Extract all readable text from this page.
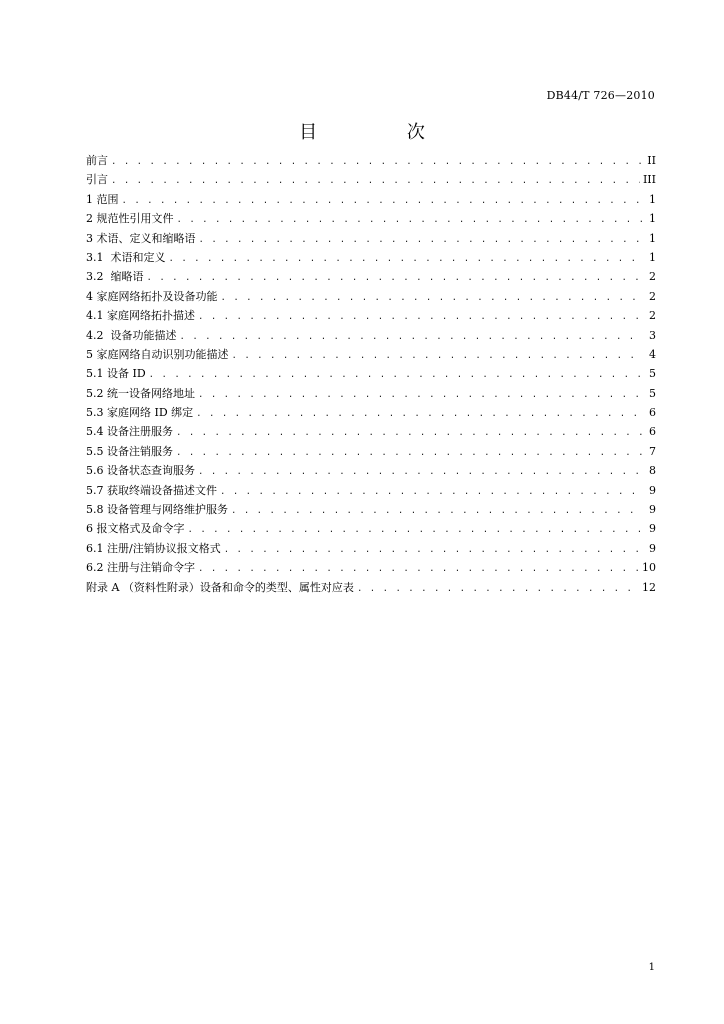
DB44/T 726—2010
目 次
前言 . . .	II
引言 . . .	III
1 范围 . . .	1
2 规范性引用文件 . . .	1
3 术语、定义和缩略语 . . .	1
3.1  术语和定义 . . .	1
3.2  缩略语 . . .	2
4 家庭网络拓扑及设备功能 . . .	2
4.1 家庭网络拓扑描述 . . .	2
4.2  设备功能描述 . . .	3
5 家庭网络自动识别功能描述 . . .	4
5.1 设备 ID . . .	5
5.2 统一设备网络地址 . . .	5
5.3 家庭网络 ID 绑定 . . .	6
5.4 设备注册服务 . . .	6
5.5 设备注销服务 . . .	7
5.6 设备状态查询服务 . . .	8
5.7 获取终端设备描述文件 . . .	9
5.8 设备管理与网络维护服务 . . .	9
6 报文格式及命令字 . . .	9
6.1 注册/注销协议报文格式 . . .	9
6.2 注册与注销命令字 . . .	10
附录 A （资料性附录）设备和命令的类型、属性对应表 . . .	12
1
